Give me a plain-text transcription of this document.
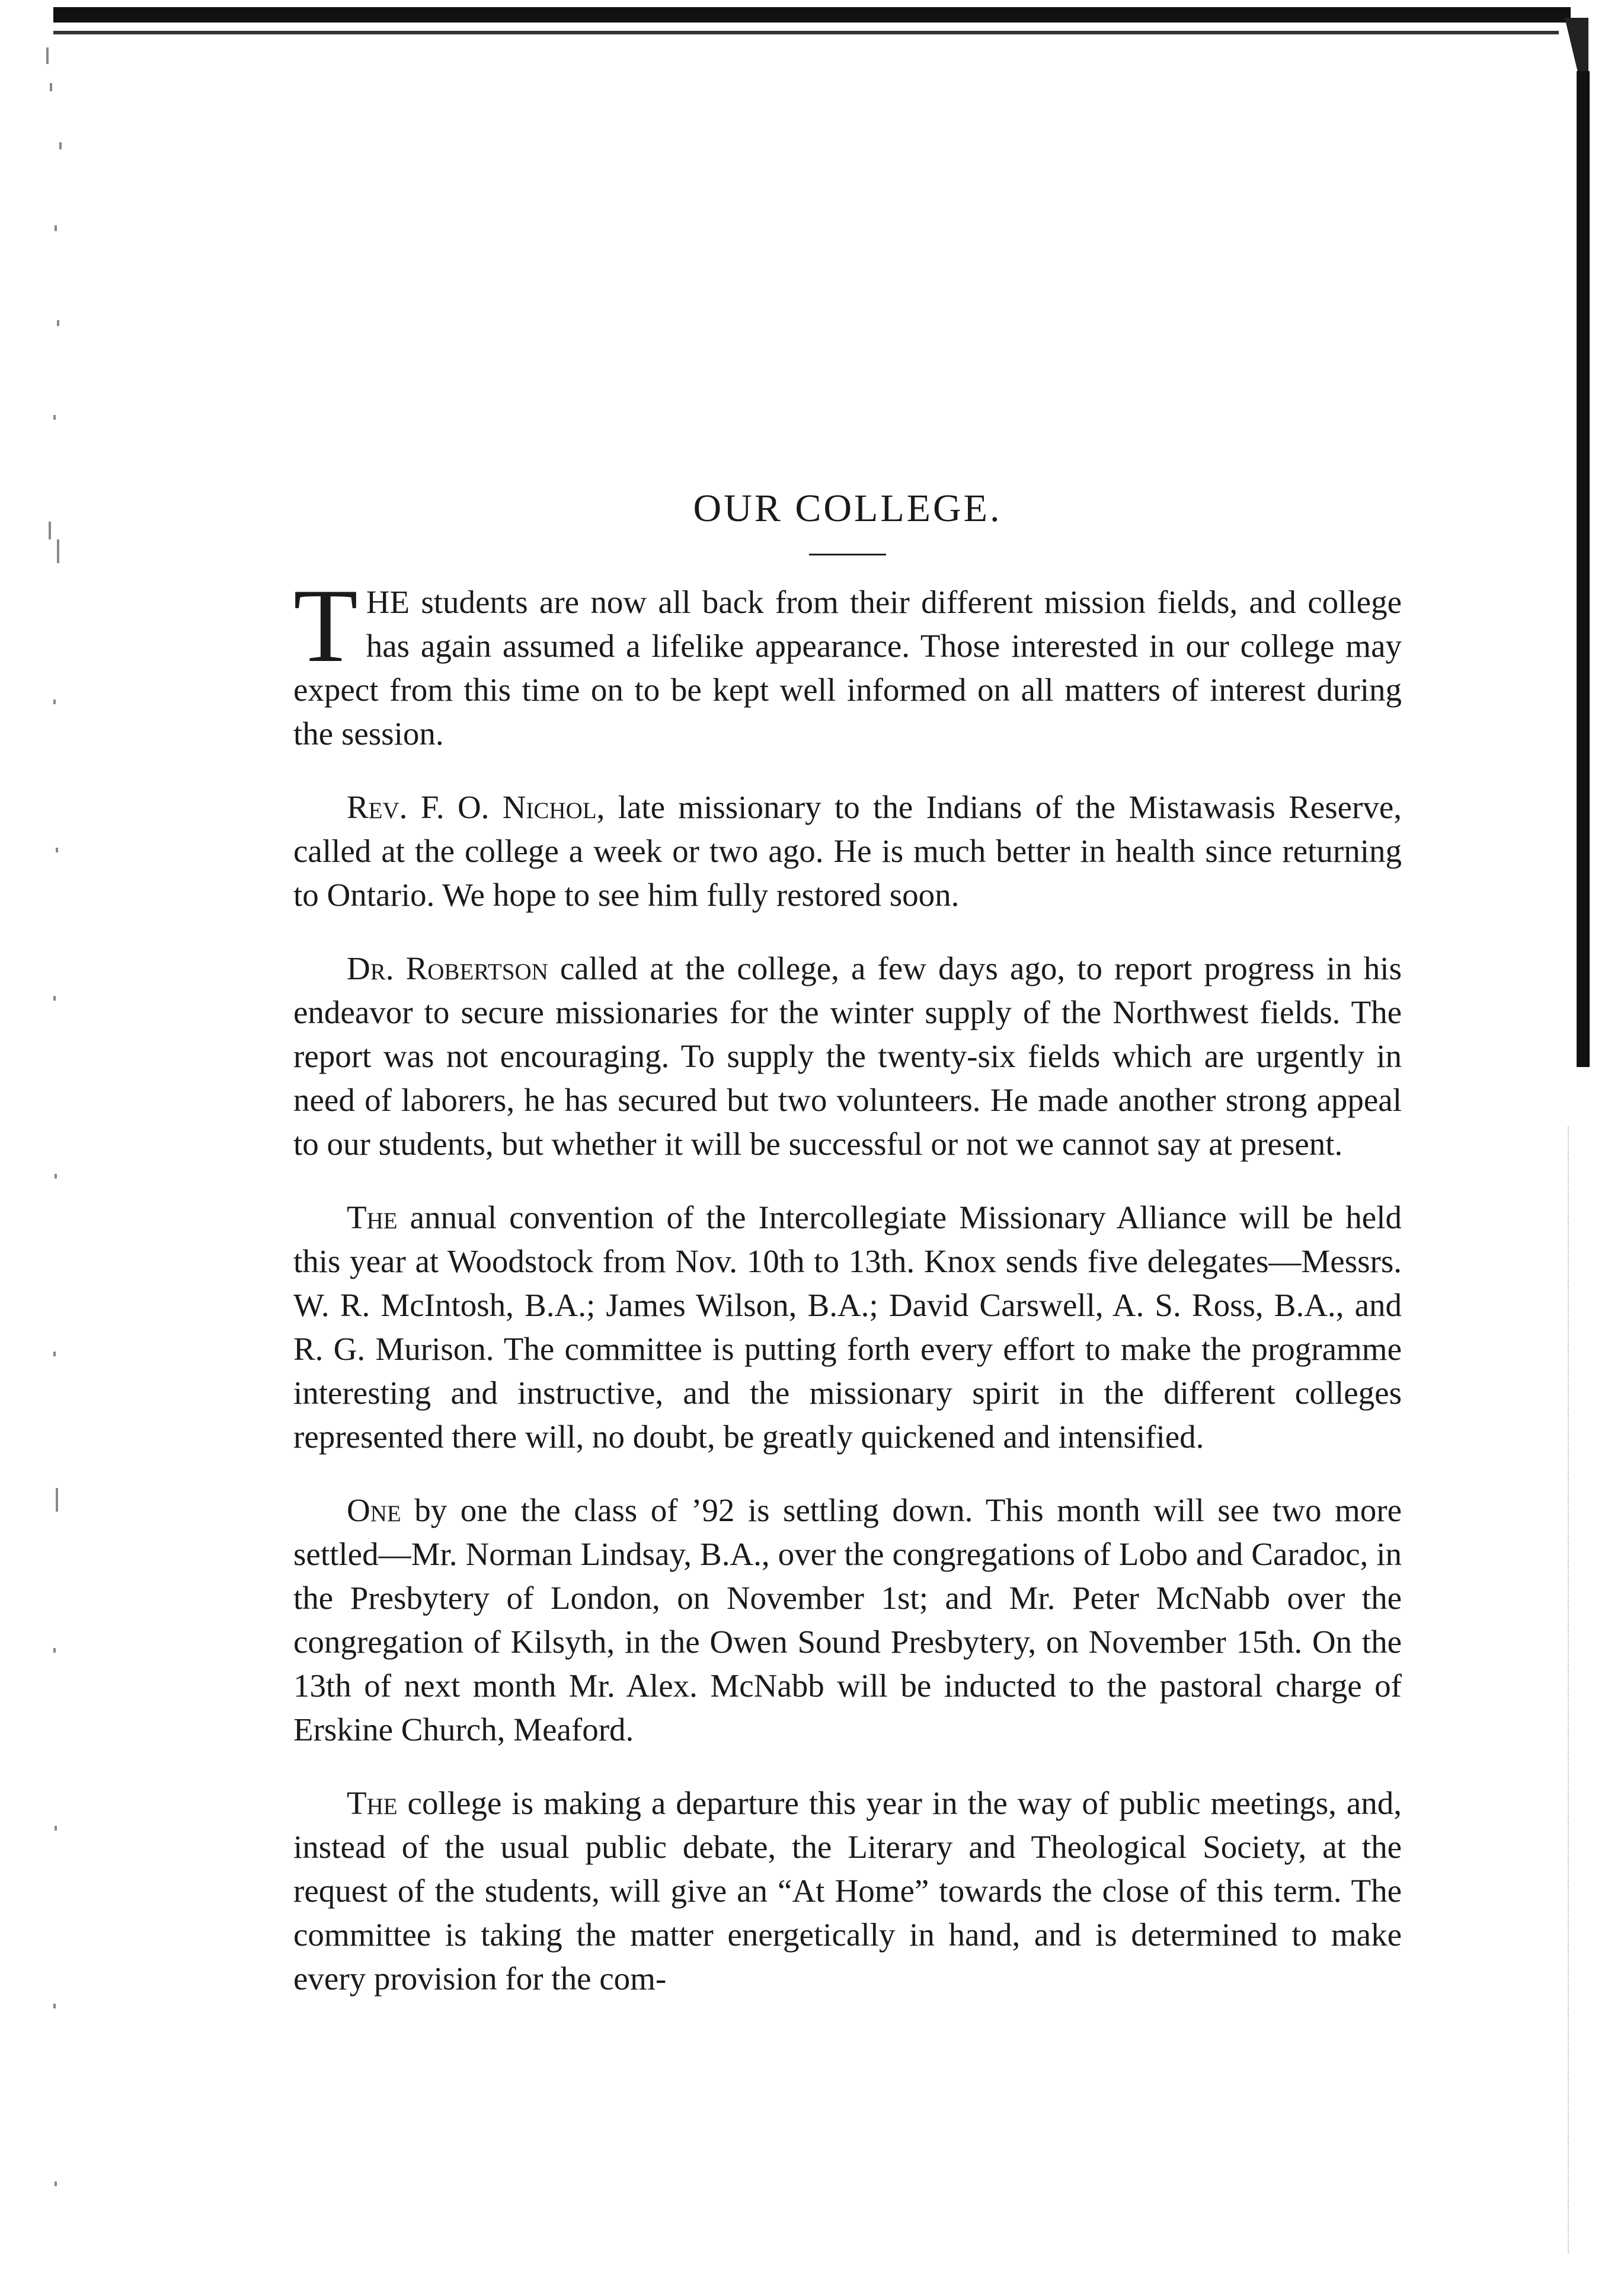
OUR COLLEGE.

THE students are now all back from their different mission fields, and college has again assumed a lifelike appearance. Those interested in our college may expect from this time on to be kept well informed on all matters of interest during the session.

Rev. F. O. Nichol, late missionary to the Indians of the Mistawasis Reserve, called at the college a week or two ago. He is much better in health since returning to Ontario. We hope to see him fully restored soon.

Dr. Robertson called at the college, a few days ago, to report progress in his endeavor to secure missionaries for the winter supply of the Northwest fields. The report was not encouraging. To supply the twenty-six fields which are urgently in need of laborers, he has secured but two volunteers. He made another strong appeal to our students, but whether it will be successful or not we cannot say at present.

The annual convention of the Intercollegiate Missionary Alliance will be held this year at Woodstock from Nov. 10th to 13th. Knox sends five delegates—Messrs. W. R. McIntosh, B.A.; James Wilson, B.A.; David Carswell, A. S. Ross, B.A., and R. G. Murison. The committee is putting forth every effort to make the programme interesting and instructive, and the missionary spirit in the different colleges represented there will, no doubt, be greatly quickened and intensified.

One by one the class of ’92 is settling down. This month will see two more settled—Mr. Norman Lindsay, B.A., over the congregations of Lobo and Caradoc, in the Presbytery of London, on November 1st; and Mr. Peter McNabb over the congregation of Kilsyth, in the Owen Sound Presbytery, on November 15th. On the 13th of next month Mr. Alex. McNabb will be inducted to the pastoral charge of Erskine Church, Meaford.

The college is making a departure this year in the way of public meetings, and, instead of the usual public debate, the Literary and Theological Society, at the request of the students, will give an “At Home” towards the close of this term. The committee is taking the matter energetically in hand, and is determined to make every provision for the com-
